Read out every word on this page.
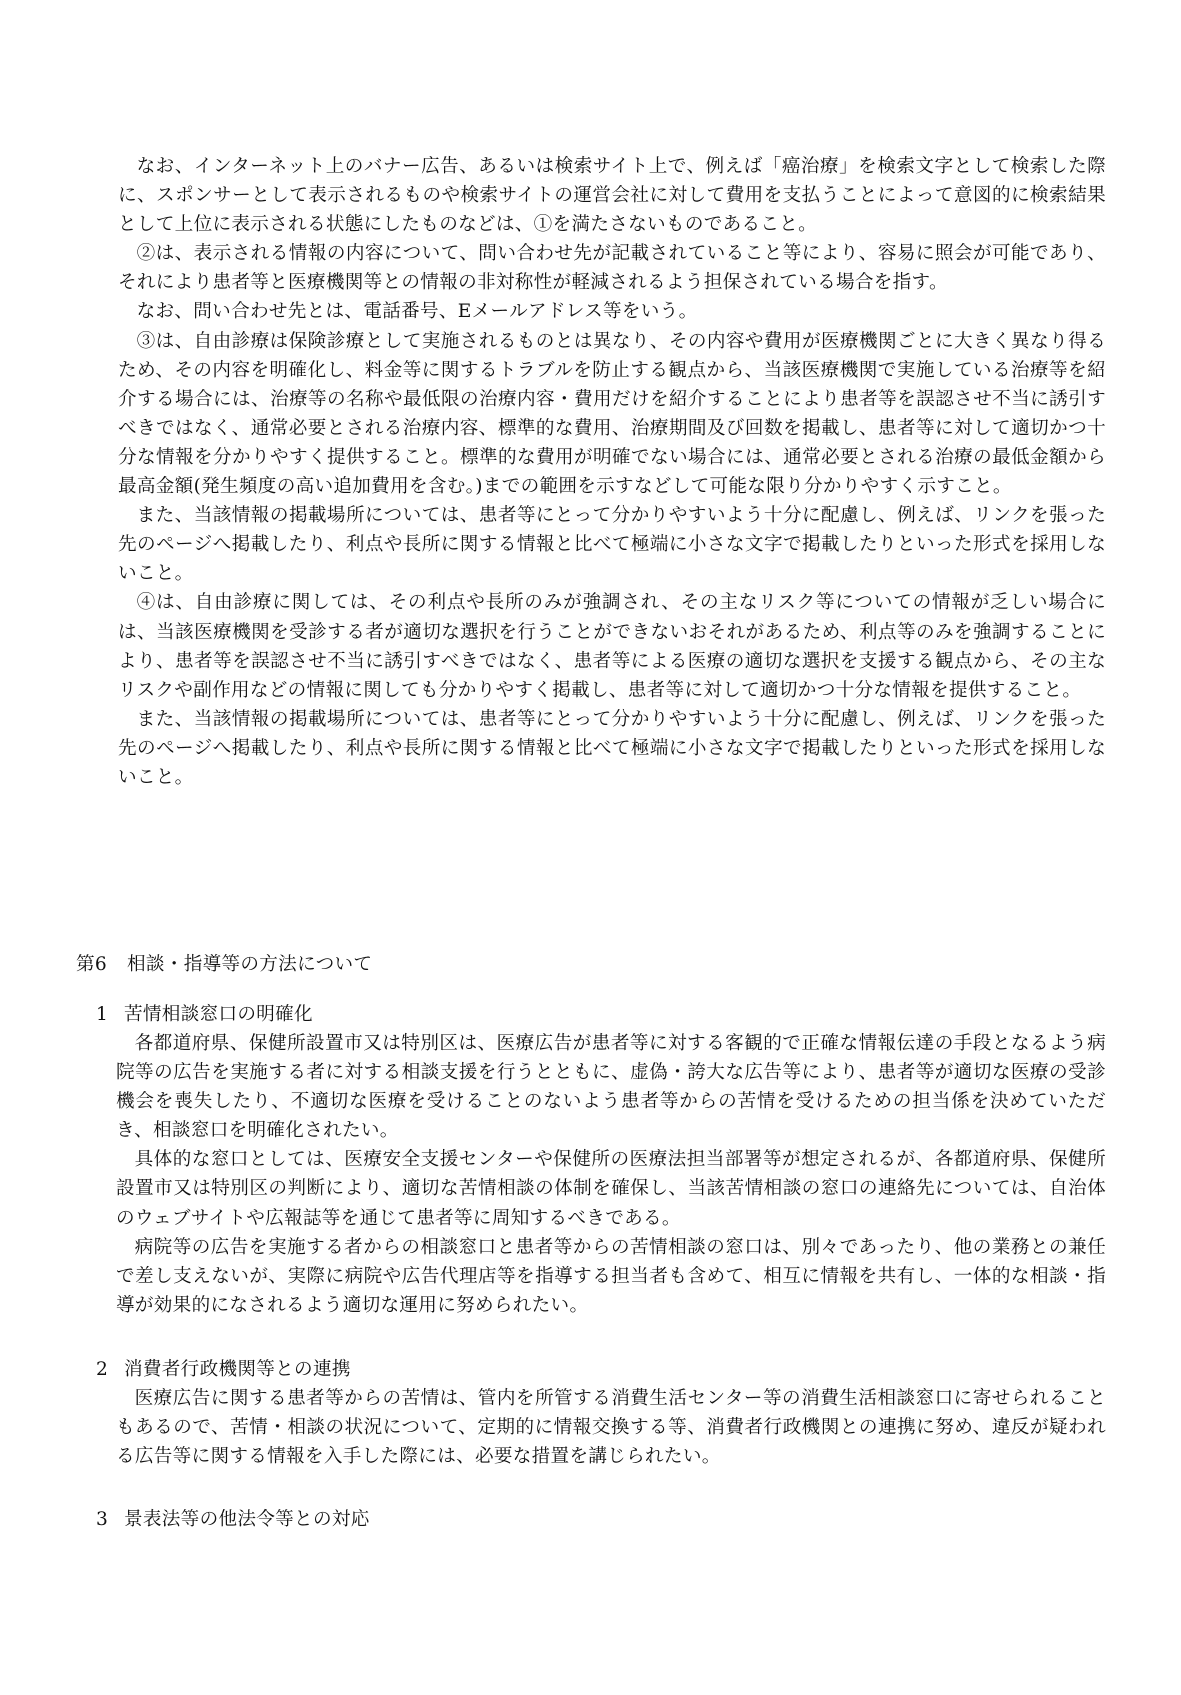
なお、インターネット上のバナー広告、あるいは検索サイト上で、例えば「癌治療」を検索文字として検索した際に、スポンサーとして表示されるものや検索サイトの運営会社に対して費用を支払うことによって意図的に検索結果として上位に表示される状態にしたものなどは、①を満たさないものであること。

②は、表示される情報の内容について、問い合わせ先が記載されていること等により、容易に照会が可能であり、それにより患者等と医療機関等との情報の非対称性が軽減されるよう担保されている場合を指す。

なお、問い合わせ先とは、電話番号、Eメールアドレス等をいう。

③は、自由診療は保険診療として実施されるものとは異なり、その内容や費用が医療機関ごとに大きく異なり得るため、その内容を明確化し、料金等に関するトラブルを防止する観点から、当該医療機関で実施している治療等を紹介する場合には、治療等の名称や最低限の治療内容・費用だけを紹介することにより患者等を誤認させ不当に誘引すべきではなく、通常必要とされる治療内容、標準的な費用、治療期間及び回数を掲載し、患者等に対して適切かつ十分な情報を分かりやすく提供すること。標準的な費用が明確でない場合には、通常必要とされる治療の最低金額から最高金額(発生頻度の高い追加費用を含む。)までの範囲を示すなどして可能な限り分かりやすく示すこと。

また、当該情報の掲載場所については、患者等にとって分かりやすいよう十分に配慮し、例えば、リンクを張った先のページへ掲載したり、利点や長所に関する情報と比べて極端に小さな文字で掲載したりといった形式を採用しないこと。

④は、自由診療に関しては、その利点や長所のみが強調され、その主なリスク等についての情報が乏しい場合には、当該医療機関を受診する者が適切な選択を行うことができないおそれがあるため、利点等のみを強調することにより、患者等を誤認させ不当に誘引すべきではなく、患者等による医療の適切な選択を支援する観点から、その主なリスクや副作用などの情報に関しても分かりやすく掲載し、患者等に対して適切かつ十分な情報を提供すること。

また、当該情報の掲載場所については、患者等にとって分かりやすいよう十分に配慮し、例えば、リンクを張った先のページへ掲載したり、利点や長所に関する情報と比べて極端に小さな文字で掲載したりといった形式を採用しないこと。

第6 相談・指導等の方法について

1 苦情相談窓口の明確化

各都道府県、保健所設置市又は特別区は、医療広告が患者等に対する客観的で正確な情報伝達の手段となるよう病院等の広告を実施する者に対する相談支援を行うとともに、虚偽・誇大な広告等により、患者等が適切な医療の受診機会を喪失したり、不適切な医療を受けることのないよう患者等からの苦情を受けるための担当係を決めていただき、相談窓口を明確化されたい。

具体的な窓口としては、医療安全支援センターや保健所の医療法担当部署等が想定されるが、各都道府県、保健所設置市又は特別区の判断により、適切な苦情相談の体制を確保し、当該苦情相談の窓口の連絡先については、自治体のウェブサイトや広報誌等を通じて患者等に周知するべきである。

病院等の広告を実施する者からの相談窓口と患者等からの苦情相談の窓口は、別々であったり、他の業務との兼任で差し支えないが、実際に病院や広告代理店等を指導する担当者も含めて、相互に情報を共有し、一体的な相談・指導が効果的になされるよう適切な運用に努められたい。

2 消費者行政機関等との連携

医療広告に関する患者等からの苦情は、管内を所管する消費生活センター等の消費生活相談窓口に寄せられることもあるので、苦情・相談の状況について、定期的に情報交換する等、消費者行政機関との連携に努め、違反が疑われる広告等に関する情報を入手した際には、必要な措置を講じられたい。

3 景表法等の他法令等との対応
